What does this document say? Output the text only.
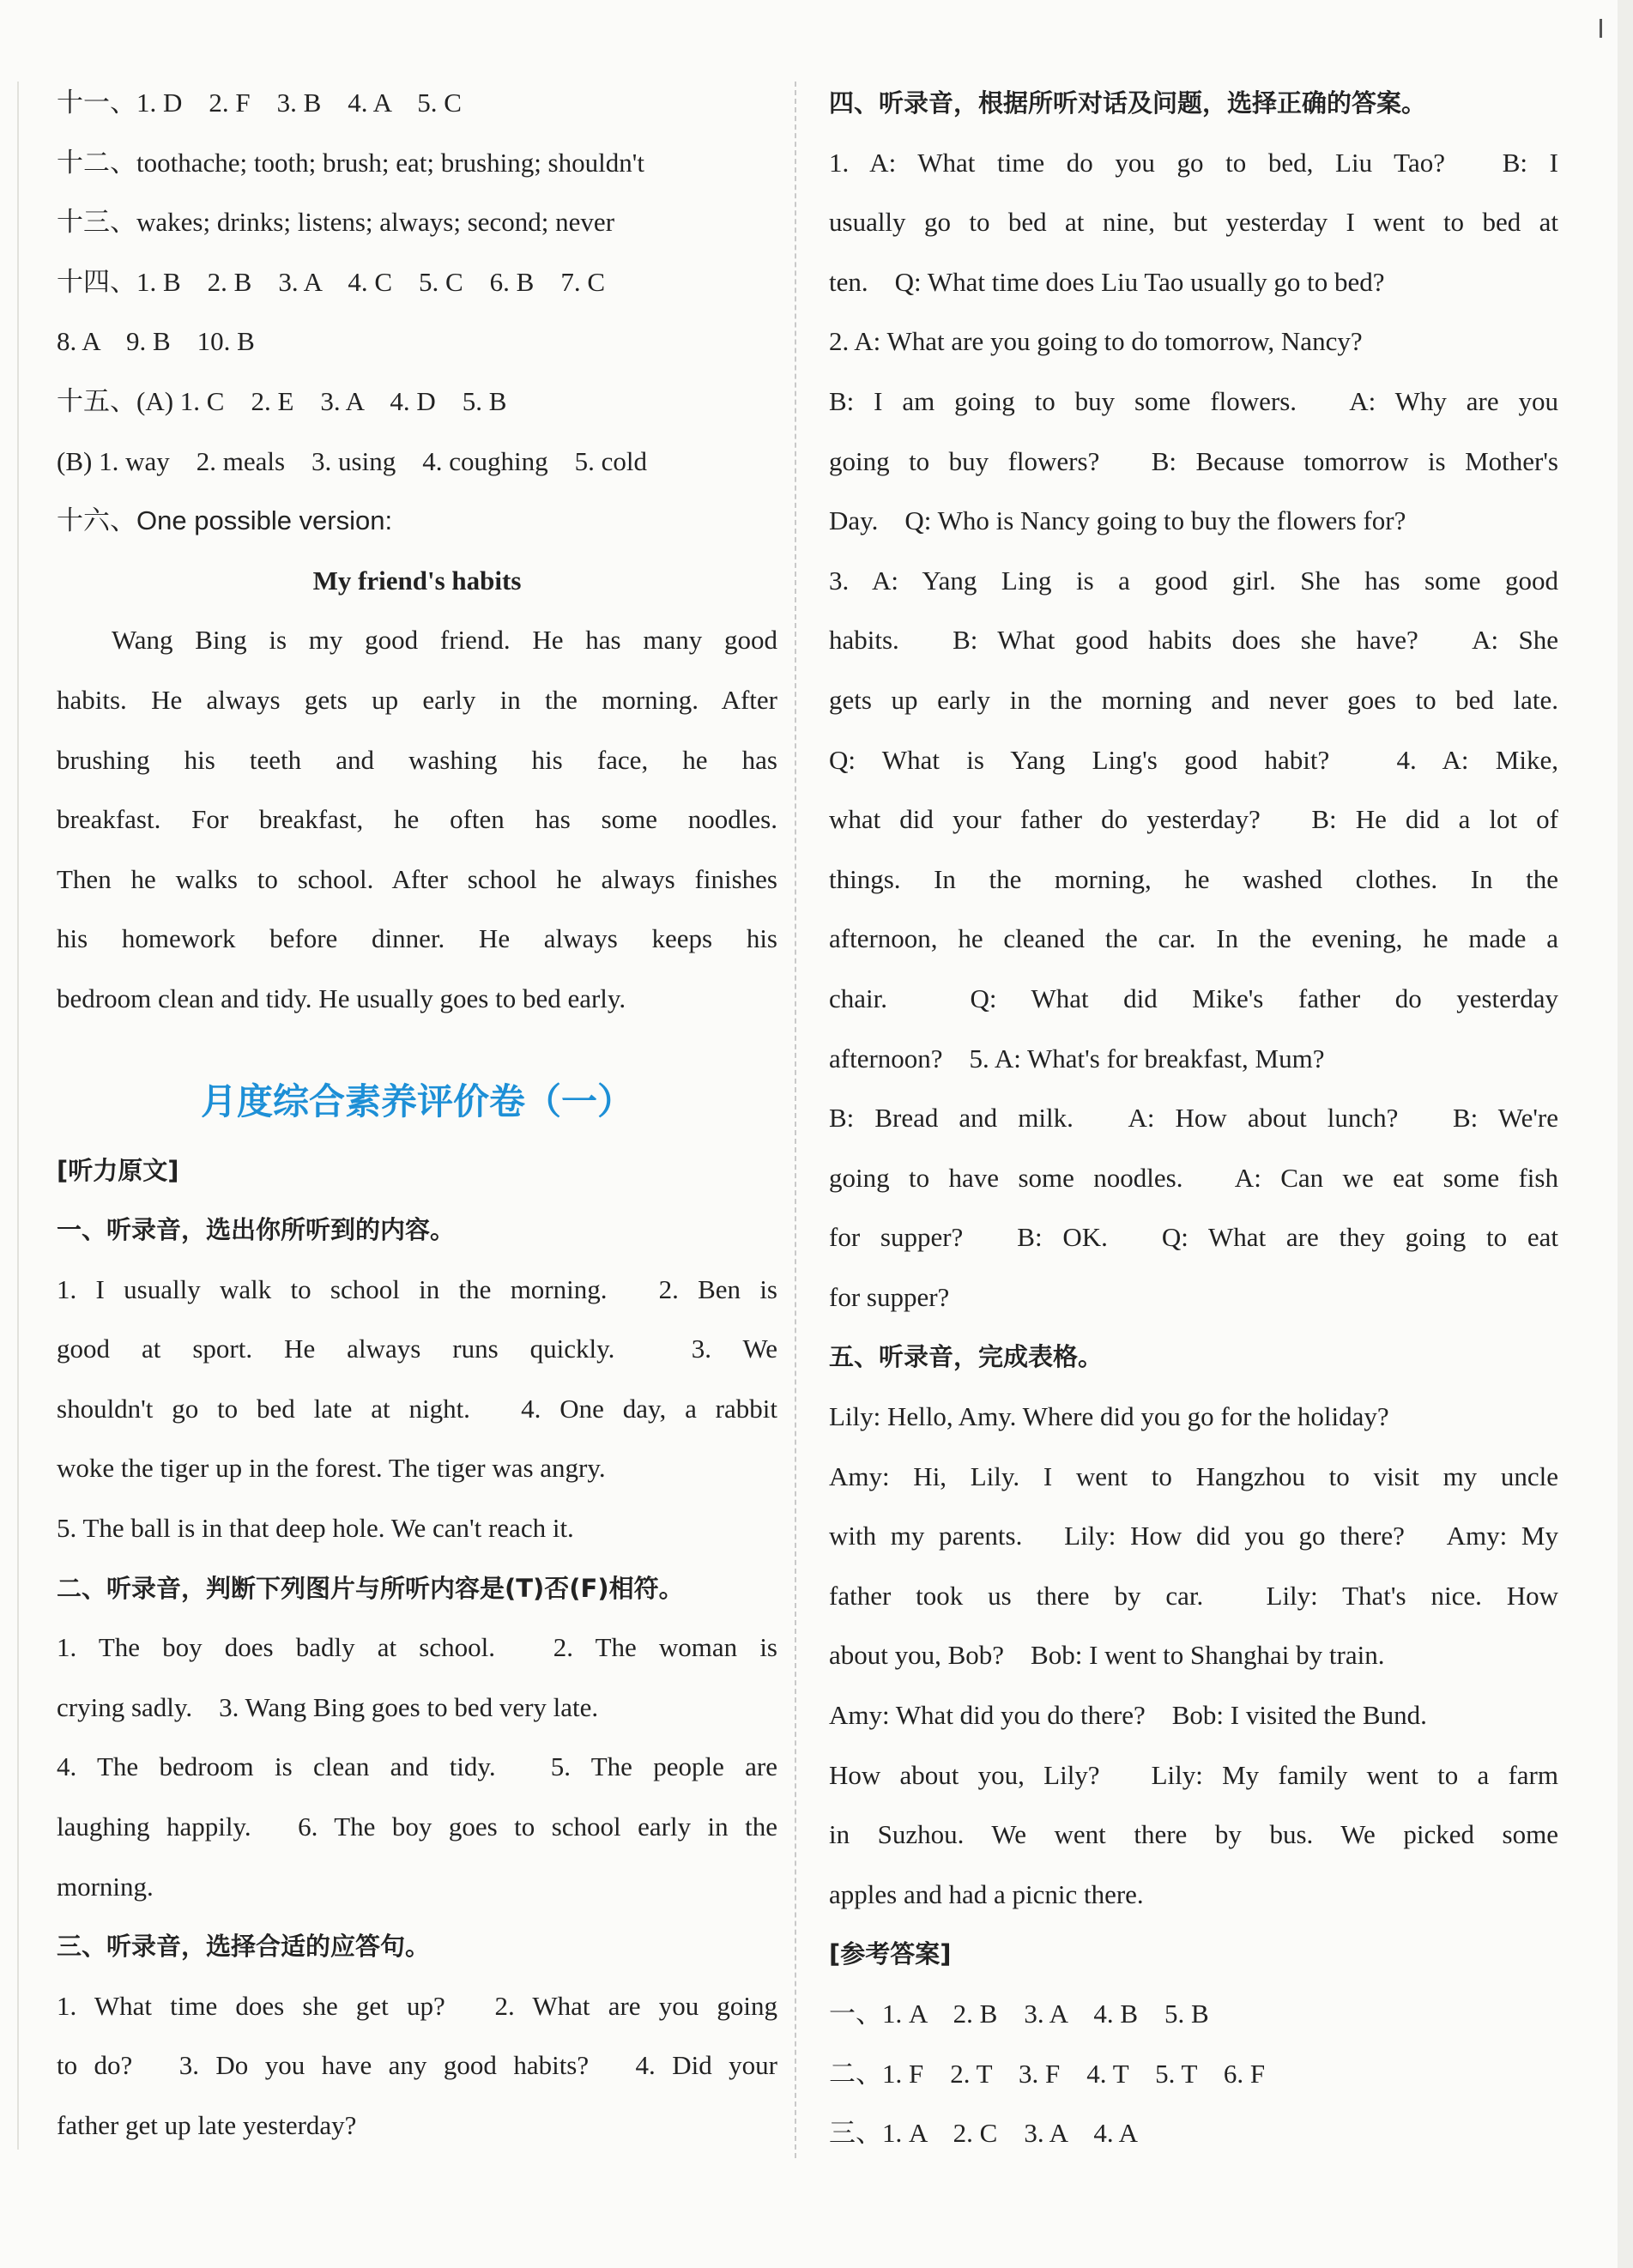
十一、1. D　2. F　3. B　4. A　5. C
十二、toothache; tooth; brush; eat; brushing; shouldn't
十三、wakes; drinks; listens; always; second; never
十四、1. B　2. B　3. A　4. C　5. C　6. B　7. C
8. A　9. B　10. B
十五、(A) 1. C　2. E　3. A　4. D　5. B
(B) 1. way　2. meals　3. using　4. coughing　5. cold
十六、One possible version:
My friend's habits
Wang Bing is my good friend. He has many good
habits. He always gets up early in the morning. After
brushing his teeth and washing his face, he has
breakfast. For breakfast, he often has some noodles.
Then he walks to school. After school he always finishes
his homework before dinner. He always keeps his
bedroom clean and tidy. He usually goes to bed early.
月度综合素养评价卷（一）
[听力原文]
一、听录音，选出你所听到的内容。
1. I usually walk to school in the morning.　2. Ben is
good at sport. He always runs quickly.　3. We
shouldn't go to bed late at night.　4. One day, a rabbit
woke the tiger up in the forest. The tiger was angry.
5. The ball is in that deep hole. We can't reach it.
二、听录音，判断下列图片与所听内容是(T)否(F)相符。
1. The boy does badly at school.　2. The woman is
crying sadly.　3. Wang Bing goes to bed very late.
4. The bedroom is clean and tidy.　5. The people are
laughing happily.　6. The boy goes to school early in the
morning.
三、听录音，选择合适的应答句。
1. What time does she get up?　2. What are you going
to do?　3. Do you have any good habits?　4. Did your
father get up late yesterday?
四、听录音，根据所听对话及问题，选择正确的答案。
1. A: What time do you go to bed, Liu Tao?　B: I
usually go to bed at nine, but yesterday I went to bed at
ten.　Q: What time does Liu Tao usually go to bed?
2. A: What are you going to do tomorrow, Nancy?
B: I am going to buy some flowers.　A: Why are you
going to buy flowers?　B: Because tomorrow is Mother's
Day.　Q: Who is Nancy going to buy the flowers for?
3. A: Yang Ling is a good girl. She has some good
habits.　B: What good habits does she have?　A: She
gets up early in the morning and never goes to bed late.
Q: What is Yang Ling's good habit?　4. A: Mike,
what did your father do yesterday?　B: He did a lot of
things. In the morning, he washed clothes. In the
afternoon, he cleaned the car. In the evening, he made a
chair.　Q: What did Mike's father do yesterday
afternoon?　5. A: What's for breakfast, Mum?
B: Bread and milk.　A: How about lunch?　B: We're
going to have some noodles.　A: Can we eat some fish
for supper?　B: OK.　Q: What are they going to eat
for supper?
五、听录音，完成表格。
Lily: Hello, Amy. Where did you go for the holiday?
Amy: Hi, Lily. I went to Hangzhou to visit my uncle
with my parents.　Lily: How did you go there?　Amy: My
father took us there by car.　Lily: That's nice. How
about you, Bob?　Bob: I went to Shanghai by train.
Amy: What did you do there?　Bob: I visited the Bund.
How about you, Lily?　Lily: My family went to a farm
in Suzhou. We went there by bus. We picked some
apples and had a picnic there.
[参考答案]
一、1. A　2. B　3. A　4. B　5. B
二、1. F　2. T　3. F　4. T　5. T　6. F
三、1. A　2. C　3. A　4. A
